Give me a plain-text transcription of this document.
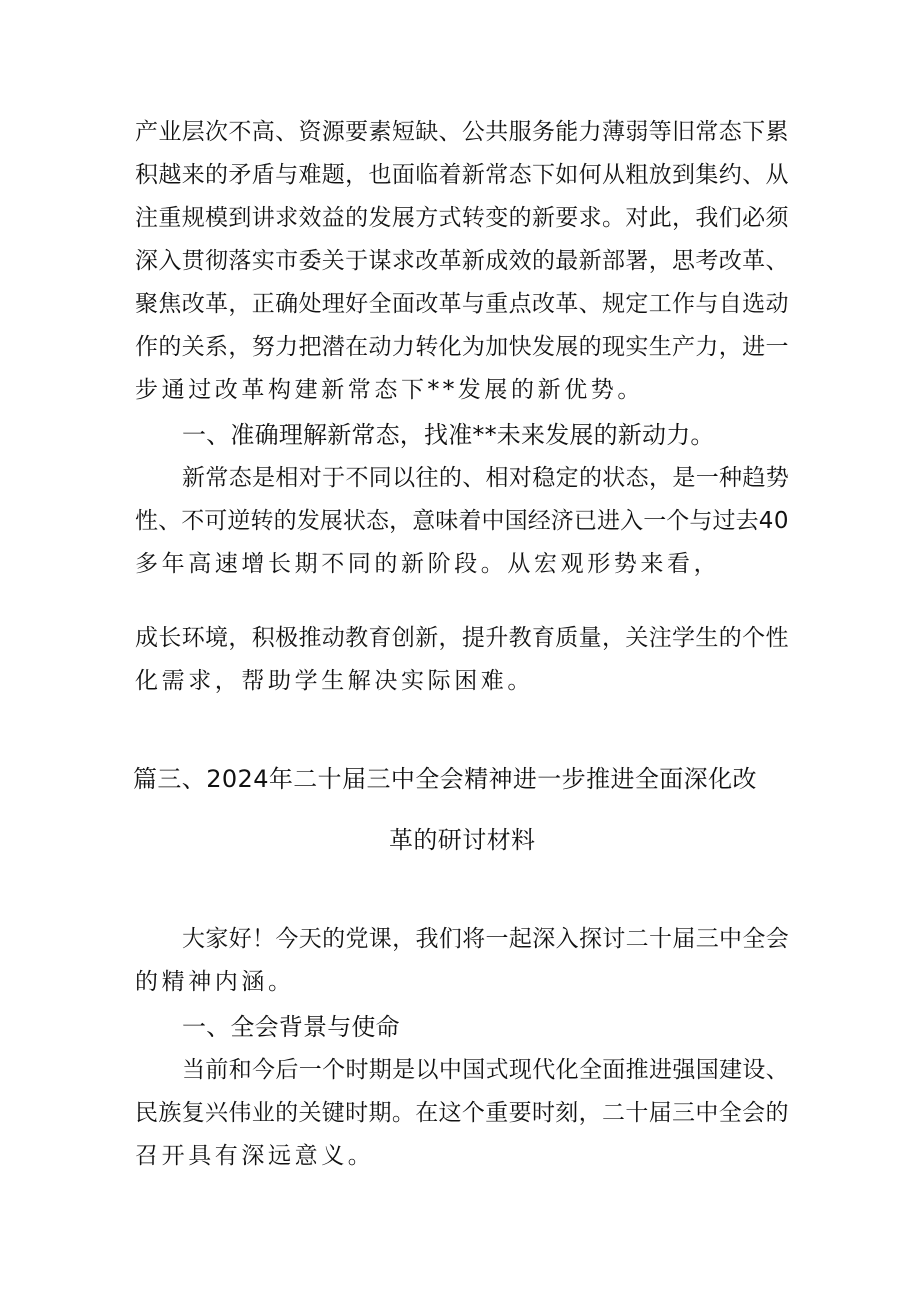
产业层次不高、资源要素短缺、公共服务能力薄弱等旧常态下累
积越来的矛盾与难题，也面临着新常态下如何从粗放到集约、从
注重规模到讲求效益的发展方式转变的新要求。对此，我们必须
深入贯彻落实市委关于谋求改革新成效的最新部署，思考改革、
聚焦改革，正确处理好全面改革与重点改革、规定工作与自选动
作的关系，努力把潜在动力转化为加快发展的现实生产力，进一
步通过改革构建新常态下**发展的新优势。
一、准确理解新常态，找准**未来发展的新动力。
新常态是相对于不同以往的、相对稳定的状态，是一种趋势
性、不可逆转的发展状态，意味着中国经济已进入一个与过去40
多年高速增长期不同的新阶段。从宏观形势来看，
成长环境，积极推动教育创新，提升教育质量，关注学生的个性
化需求，帮助学生解决实际困难。
篇三、2024年二十届三中全会精神进一步推进全面深化改
革的研讨材料
大家好！今天的党课，我们将一起深入探讨二十届三中全会
的精神内涵。
一、全会背景与使命
当前和今后一个时期是以中国式现代化全面推进强国建设、
民族复兴伟业的关键时期。在这个重要时刻，二十届三中全会的
召开具有深远意义。
